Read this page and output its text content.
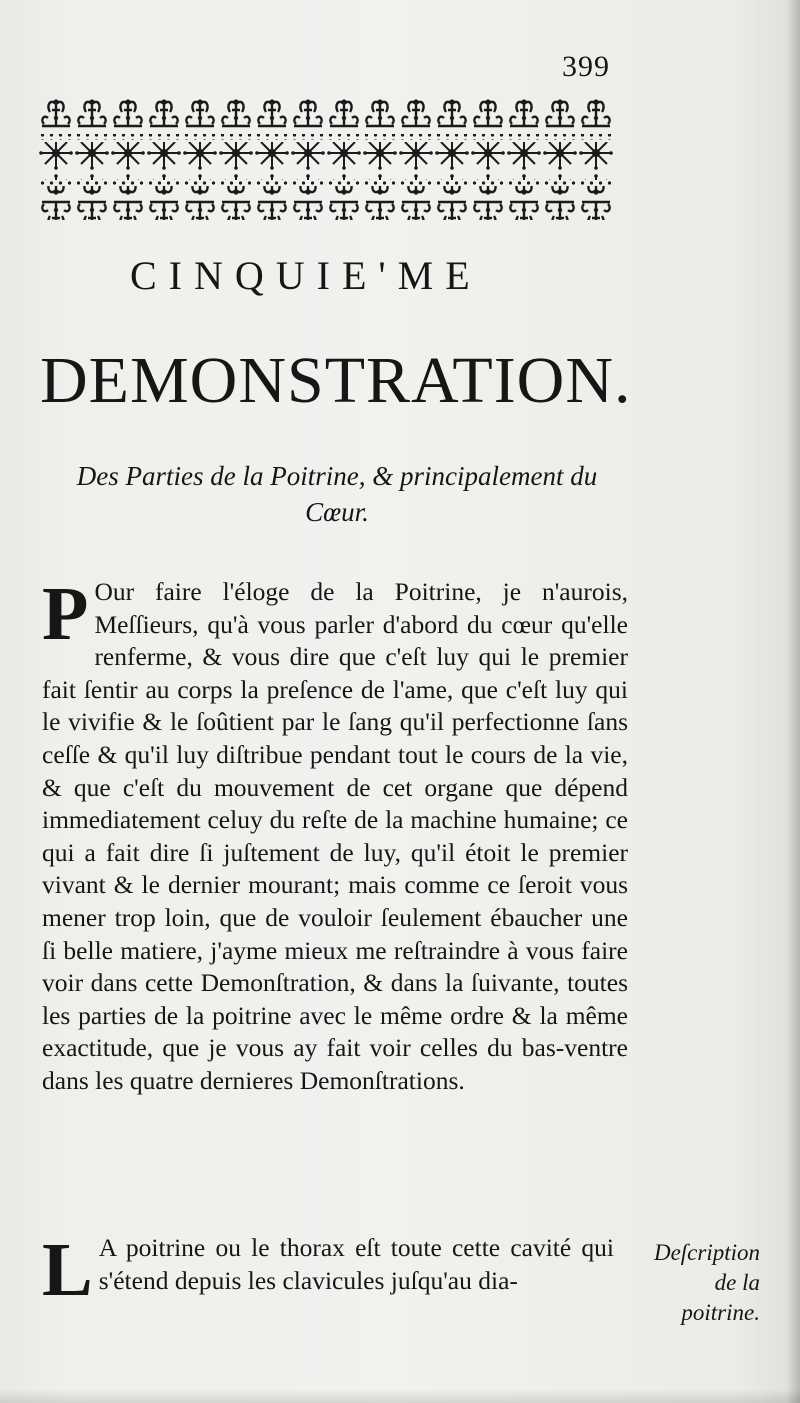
399
CINQUIE'ME
DEMONSTRATION.
Des Parties de la Poitrine, & principalement du Cœur.

P Our faire l'éloge de la Poitrine, je n'aurois, Meſſieurs, qu'à vous parler d'abord du cœur qu'elle renferme, & vous dire que c'eſt luy qui le premier fait ſentir au corps la preſence de l'ame, que c'eſt luy qui le vivifie & le ſoûtient par le ſang qu'il perfectionne ſans ceſſe & qu'il luy diſtribue pendant tout le cours de la vie, & que c'eſt du mouvement de cet organe que dépend immediatement celuy du reſte de la machine humaine; ce qui a fait dire ſi juſtement de luy, qu'il étoit le premier vivant & le dernier mourant; mais comme ce ſeroit vous mener trop loin, que de vouloir ſeulement ébaucher une ſi belle matiere, j'ayme mieux me reſtraindre à vous faire voir dans cette Demonſtration, & dans la ſuivante, toutes les parties de la poitrine avec le même ordre & la même exactitude, que je vous ay fait voir celles du bas-ventre dans les quatre dernieres Demonſtrations.

L A poitrine ou le thorax eſt toute cette cavité qui s'étend depuis les clavicules juſqu'au dia-

Deſcription de la poitrine.
